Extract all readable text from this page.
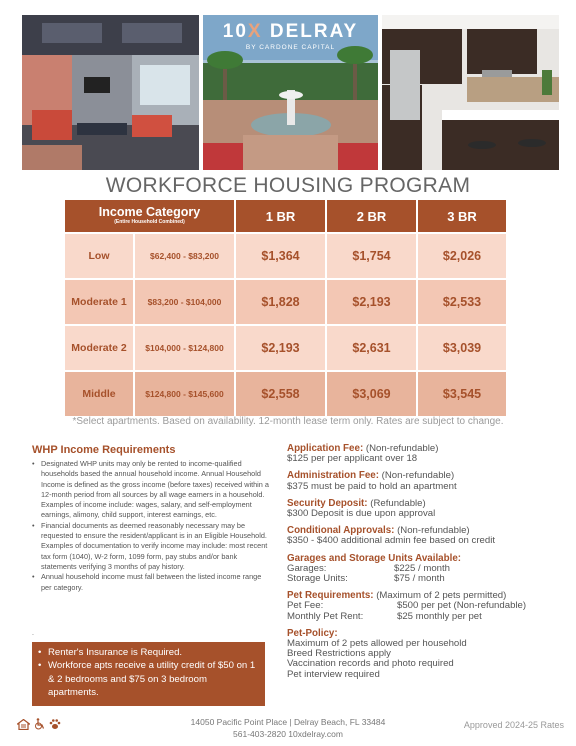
10X DELRAY
BY CARDONE CAPITAL
WORKFORCE HOUSING PROGRAM
Income Category
(Entire Household Combined)	1 BR	2 BR	3 BR
Low	$62,400 - $83,200	$1,364	$1,754	$2,026
Moderate 1	$83,200 - $104,000	$1,828	$2,193	$2,533
Moderate 2	$104,000 - $124,800	$2,193	$2,631	$3,039
Middle	$124,800 - $145,600	$2,558	$3,069	$3,545
*Select apartments. Based on availability. 12-month lease term only. Rates are subject to change.
WHP Income Requirements
• Designated WHP units may only be rented to income-qualified households based the annual household income. Annual Household Income is defined as the gross income (before taxes) received within a 12-month period from all sources by all wage earners in a household. Examples of income include: wages, salary, and self-employment earnings, alimony, child support, interest earnings, etc.
• Financial documents as deemed reasonably necessary may be requested to ensure the resident/applicant is in an Eligible Household. Examples of documentation to verify income may include: most recent tax form (1040), W-2 form, 1099 form, pay stubs and/or bank statements verifying 3 months of pay history.
• Annual household income must fall between the listed income range per category.
.
• Renter's Insurance is Required.
• Workforce apts receive a utility credit of $50 on 1 & 2 bedrooms and $75 on 3 bedroom apartments.
Application Fee: (Non-refundable)
$125 per per applicant over 18
Administration Fee: (Non-refundable)
$375 must be paid to hold an apartment
Security Deposit: (Refundable)
$300 Deposit is due upon approval
Conditional Approvals: (Non-refundable)
$350 - $400 additional admin fee based on credit
Garages and Storage Units Available:
Garages:	$225 / month
Storage Units:	$75 / month
Pet Requirements: (Maximum of 2 pets permitted)
Pet Fee:	$500 per pet (Non-refundable)
Monthly Pet Rent:	$25 monthly per pet
Pet-Policy:
Maximum of 2 pets allowed per household
Breed Restrictions apply
Vaccination records and photo required
Pet interview required
14050 Pacific Point Place | Delray Beach, FL 33484
561-403-2820 10xdelray.com
Approved 2024-25 Rates
